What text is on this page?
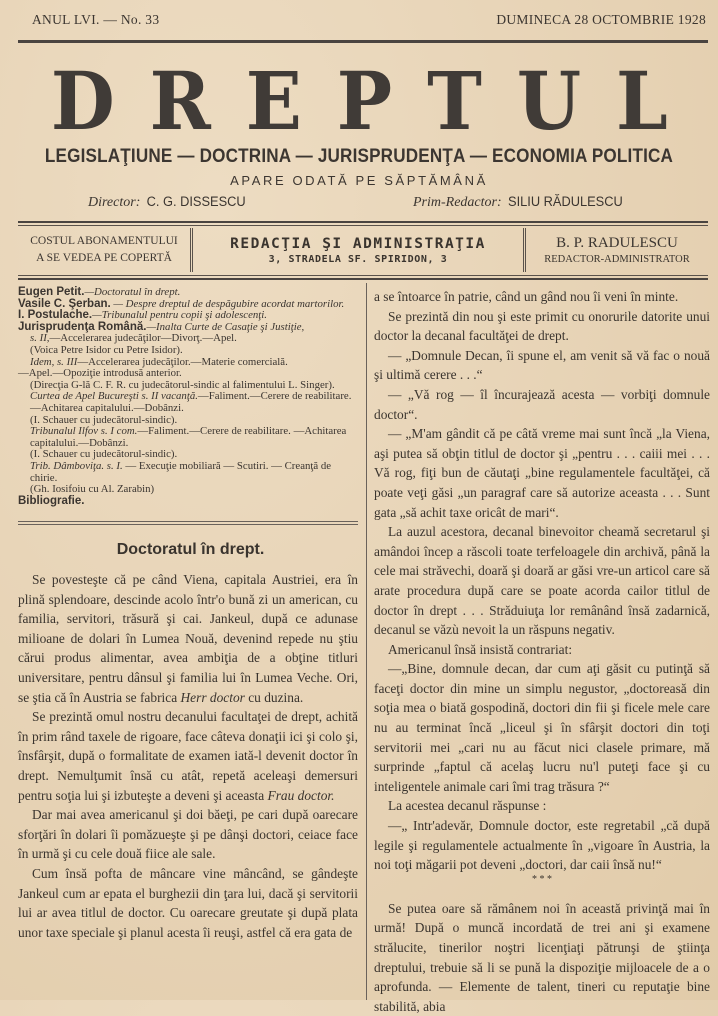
ANUL LVI. — No. 33	DUMINECA 28 OCTOMBRIE 1928
DREPTUL
LEGISLAŢIUNE — DOCTRINA — JURISPRUDENŢA — ECONOMIA POLITICA
APARE ODATĂ PE SĂPTĂMÂNĂ
Director: C. G. DISSESCU	Prim-Redactor: SILIU RĂDULESCU
COSTUL ABONAMENTULUI
A SE VEDEA PE COPERTĂ
REDACŢIA ŞI ADMINISTRAŢIA
3, STRADELA SF. SPIRIDON, 3
B. P. RADULESCU
REDACTOR-ADMINISTRATOR
Eugen Petit.—Doctoratul în drept.
Vasile C. Şerban. — Despre dreptul de despăgubire acordat martorilor.
I. Postulache.—Tribunalul pentru copii şi adolescenţi.
Jurisprudenţa Română.—Inalta Curte de Casaţie şi Justiţie,
s. II,—Accelerarea judecăţilor—Divorţ.—Apel.
(Voica Petre Isidor cu Petre Isidor).
Idem, s. III—Accelerarea judecăţilor.—Materie comercială.
—Apel.—Opoziţie introdusă anterior.
(Direcţia G-lă C. F. R. cu judecătorul-sindic al falimentului L. Singer).
Curtea de Apel Bucureşti s. II vacanţă.—Faliment.—Cerere de reabilitare.—Achitarea capitalului.—Dobânzi.
(I. Schauer cu judecătorul-sindic).
Tribunalul Ilfov s. I com.—Faliment.—Cerere de reabilitare. —Achitarea capitalului.—Dobânzi.
(I. Schauer cu judecătorul-sindic).
Trib. Dâmboviţa. s. I. — Execuţie mobiliară — Scutiri. — Creanţă de chirie.
(Gh. Iosifoiu cu Al. Zarabin)
Bibliografie.
Doctoratul în drept.

Se povesteşte că pe când Viena, capitala Austriei, era în plină splendoare, descinde acolo într'o bună zi un american, cu familia, servitori, trăsură şi cai. Jankeul, după ce adunase milioane de dolari în Lumea Nouă, devenind repede nu ştiu cărui produs alimentar, avea ambiţia de a obţine titluri universitare, pentru dânsul şi familia lui în Lumea Veche. Ori, se ştia că în Austria se fabrica Herr doctor cu duzina.

Se prezintă omul nostru decanului facultaţei de drept, achită în prim rând taxele de rigoare, face câteva donaţii ici şi colo şi, însfârşit, după o formalitate de examen iată-l devenit doctor în drept. Nemulţumit însă cu atât, repetă aceleaşi demersuri pentru soţia lui şi izbuteşte a deveni şi aceasta Frau doctor.

Dar mai avea americanul şi doi băeţi, pe cari după oarecare sforţări în dolari îi pomăzueşte şi pe dânşi doctori, ceiace face în urmă şi cu cele două fiice ale sale.

Cum însă pofta de mâncare vine mâncând, se gândeşte Jankeul cum ar epata el burghezii din ţara lui, dacă şi servitorii lui ar avea titlul de doctor. Cu oarecare greutate şi după plata unor taxe speciale şi planul acesta îi reuşi, astfel că era gata de

a se întoarce în patrie, când un gând nou îi veni în minte.

Se prezintă din nou şi este primit cu onorurile datorite unui doctor la decanal facultăţei de drept.

— „Domnule Decan, îi spune el, am venit să vă fac o nouă şi ultimă cerere . . .“

— „Vă rog — îl încurajează acesta — vorbiţi domnule doctor“.

— „M'am gândit că pe câtă vreme mai sunt încă „la Viena, aşi putea să obţin titlul de doctor şi „pentru . . . caiii mei . . . Vă rog, fiţi bun de căutaţi „bine regulamentele facultăţei, că poate veţi găsi „un paragraf care să autorize aceasta . . . Sunt gata „să achit taxe oricât de mari“.

La auzul acestora, decanal binevoitor cheamă secretarul şi amândoi încep a răscoli toate terfeloagele din archivă, până la cele mai străvechi, doară şi doară ar găsi vre-un articol care să arate procedura după care se poate acorda cailor titlul de doctor în drept . . . Străduiuţa lor remânând însă zadarnică, decanul se văzù nevoit la un răspuns negativ.

Americanul însă insistă contrariat:

—„Bine, domnule decan, dar cum aţi găsit cu putinţă să faceţi doctor din mine un simplu negustor, „doctoreasă din soţia mea o biată gospodină, doctori din fii şi ficele mele care nu au terminat încă „liceul şi în sfârşit doctori din toţi servitorii mei „cari nu au făcut nici clasele primare, mă surprinde „faptul că acelaş lucru nu'l puteţi face şi cu inteligentele animale cari îmi trag trăsura ?“

La acestea decanul răspunse :

—„ Intr'adevăr, Domnule doctor, este regretabil „că după legile şi regulamentele actualmente în „vigoare în Austria, la noi toţi măgarii pot deveni „doctori, dar caii însă nu!“

* * *

Se putea oare să rămânem noi în această privinţă mai în urmă! După o muncă incordată de trei ani şi examene strălucite, tinerilor noştri licenţiaţi pătrunşi de ştiinţa dreptului, trebuie să li se pună la dispoziţie mijloacele de a o aprofunda. — Elemente de talent, tineri cu reputaţie bine stabilită, abia
